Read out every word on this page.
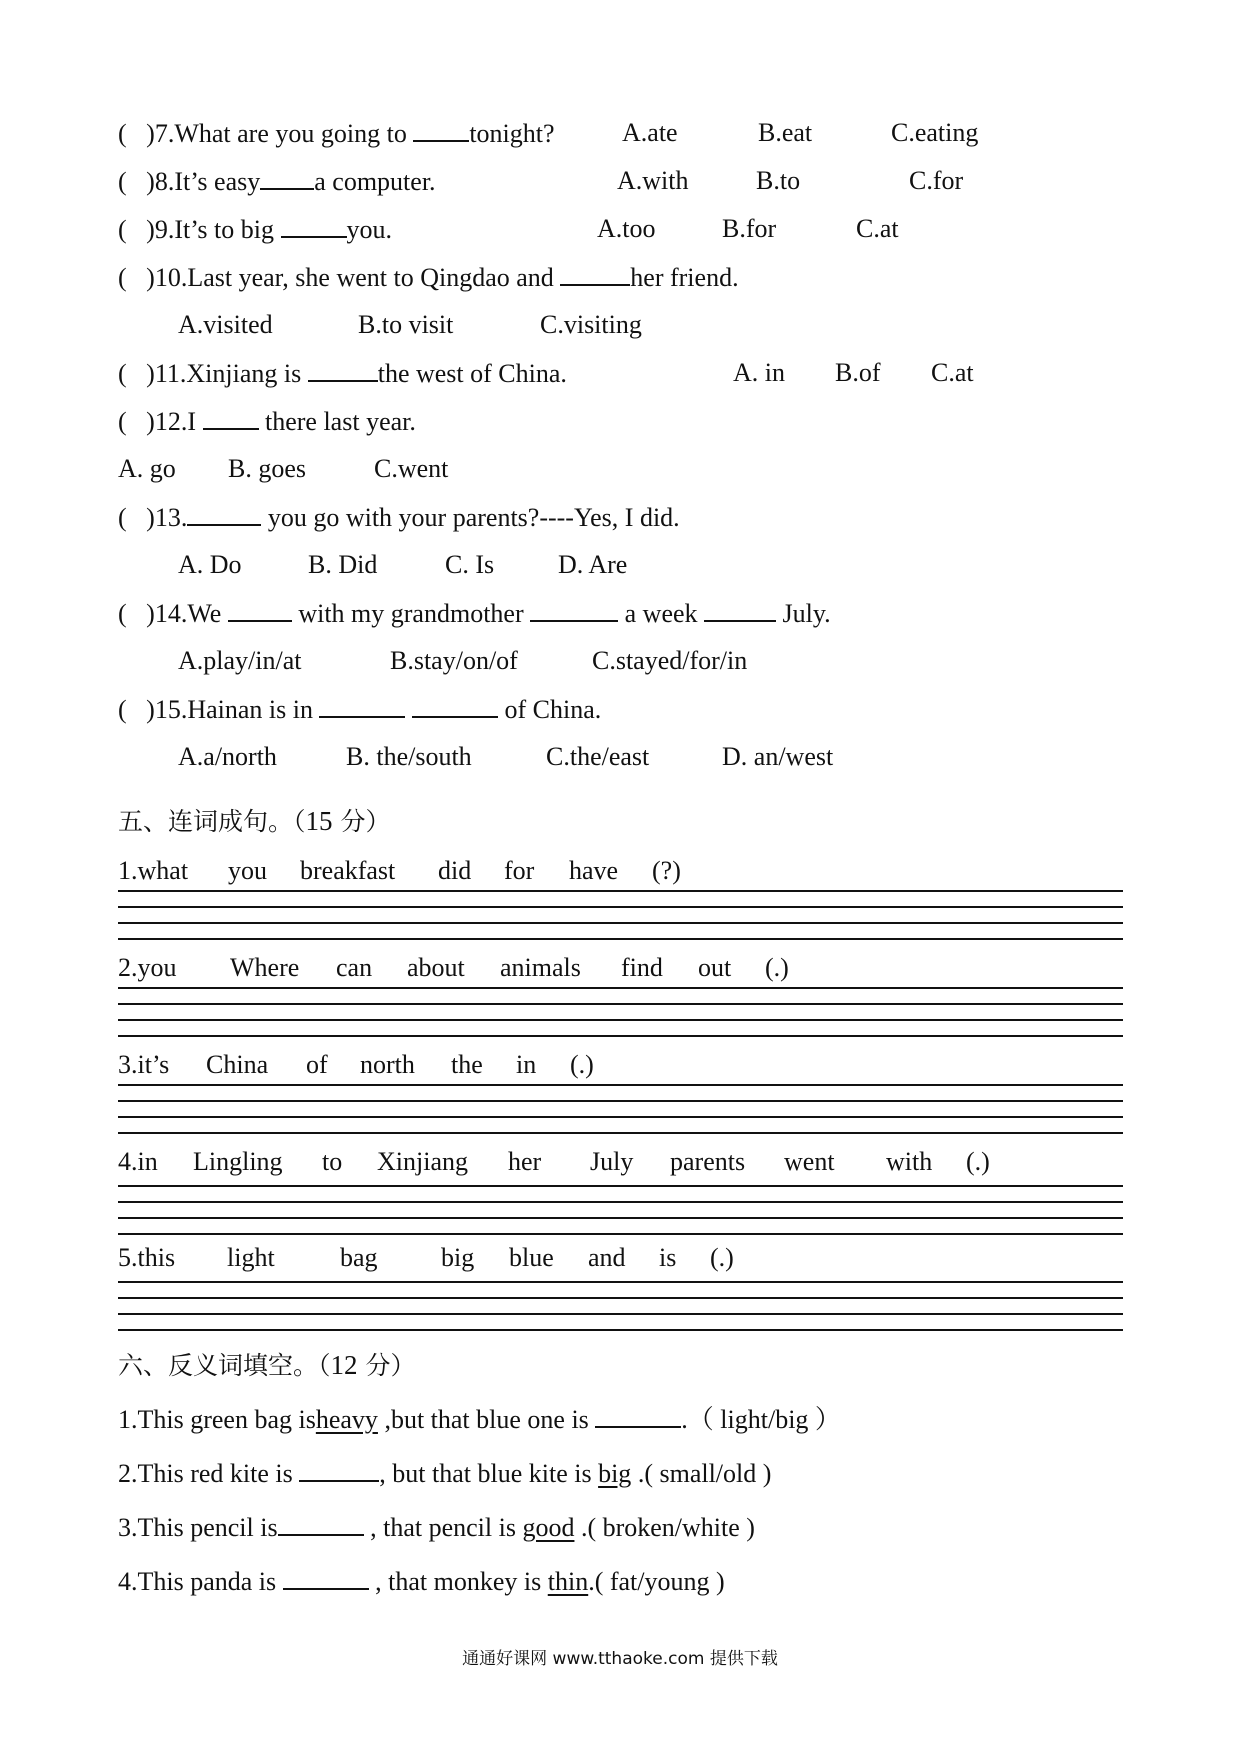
(   )7.What are you going to tonight?	A.ate	B.eat	C.eating
(   )8.It’s easy a computer.	A.with	B.to	C.for
(   )9.It’s to big	you.	A.too	B.for	C.at
(   )10.Last year, she went to Qingdao and	her friend.
A.visited	B.to visit	C.visiting
(   )11.Xinjiang is	the west of China.	A. in B.of C.at
(   )12.I	there last year.
A. go B. goes	C.went
(   )13.	you go with your parents?----Yes, I did.
A. Do	B. Did	C. Is D. Are
(   )14.We	with my grandmother	a week	July.
A.play/in/at	B.stay/on/of	C.stayed/for/in
(   )15.Hainan is in	of China.
A.a/north	B. the/south	C.the/east	D. an/west
五、连词成句。（15 分）
1.what you breakfast did for have (?)
2.you Where can about animals find out (.)
3.it’s China of north the in (.)
4.in Lingling to Xinjiang her July parents went with (.)
5.this light	bag big blue and is (.)
六、反义词填空。（12 分）
1.This green bag isheavy ,but that blue one is	.（ light/big ）
2.This red kite is	, but that blue kite is big .( small/old )
3.This pencil is	, that pencil is good .( broken/white )
4.This panda is	, that monkey is thin.( fat/young )
通通好课网 www.tthaoke.com 提供下载
